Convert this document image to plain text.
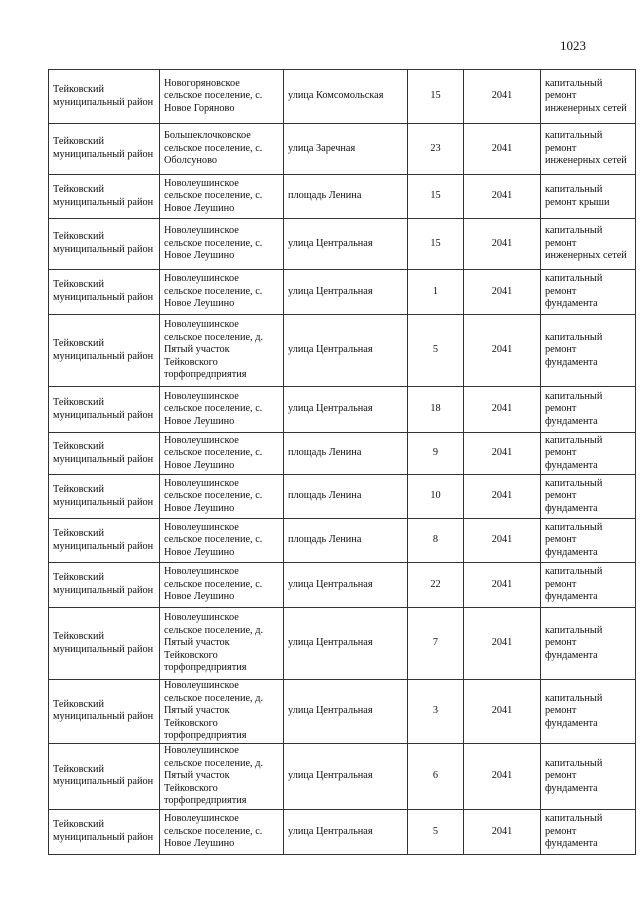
1023
Тейковский муниципальный район	Новогоряновское сельское поселение, с. Новое Горяново	улица Комсомольская	15	2041	капитальный ремонт инженерных сетей
Тейковский муниципальный район	Большеклочковское сельское поселение, с. Оболсуново	улица Заречная	23	2041	капитальный ремонт инженерных сетей
Тейковский муниципальный район	Новолеушинское сельское поселение, с. Новое Леушино	площадь Ленина	15	2041	капитальный ремонт крыши
Тейковский муниципальный район	Новолеушинское сельское поселение, с. Новое Леушино	улица Центральная	15	2041	капитальный ремонт инженерных сетей
Тейковский муниципальный район	Новолеушинское сельское поселение, с. Новое Леушино	улица Центральная	1	2041	капитальный ремонт фундамента
Тейковский муниципальный район	Новолеушинское сельское поселение, д. Пятый участок Тейковского торфопредприятия	улица Центральная	5	2041	капитальный ремонт фундамента
Тейковский муниципальный район	Новолеушинское сельское поселение, с. Новое Леушино	улица Центральная	18	2041	капитальный ремонт фундамента
Тейковский муниципальный район	Новолеушинское сельское поселение, с. Новое Леушино	площадь Ленина	9	2041	капитальный ремонт фундамента
Тейковский муниципальный район	Новолеушинское сельское поселение, с. Новое Леушино	площадь Ленина	10	2041	капитальный ремонт фундамента
Тейковский муниципальный район	Новолеушинское сельское поселение, с. Новое Леушино	площадь Ленина	8	2041	капитальный ремонт фундамента
Тейковский муниципальный район	Новолеушинское сельское поселение, с. Новое Леушино	улица Центральная	22	2041	капитальный ремонт фундамента
Тейковский муниципальный район	Новолеушинское сельское поселение, д. Пятый участок Тейковского торфопредприятия	улица Центральная	7	2041	капитальный ремонт фундамента
Тейковский муниципальный район	Новолеушинское сельское поселение, д. Пятый участок Тейковского торфопредприятия	улица Центральная	3	2041	капитальный ремонт фундамента
Тейковский муниципальный район	Новолеушинское сельское поселение, д. Пятый участок Тейковского торфопредприятия	улица Центральная	6	2041	капитальный ремонт фундамента
Тейковский муниципальный район	Новолеушинское сельское поселение, с. Новое Леушино	улица Центральная	5	2041	капитальный ремонт фундамента
